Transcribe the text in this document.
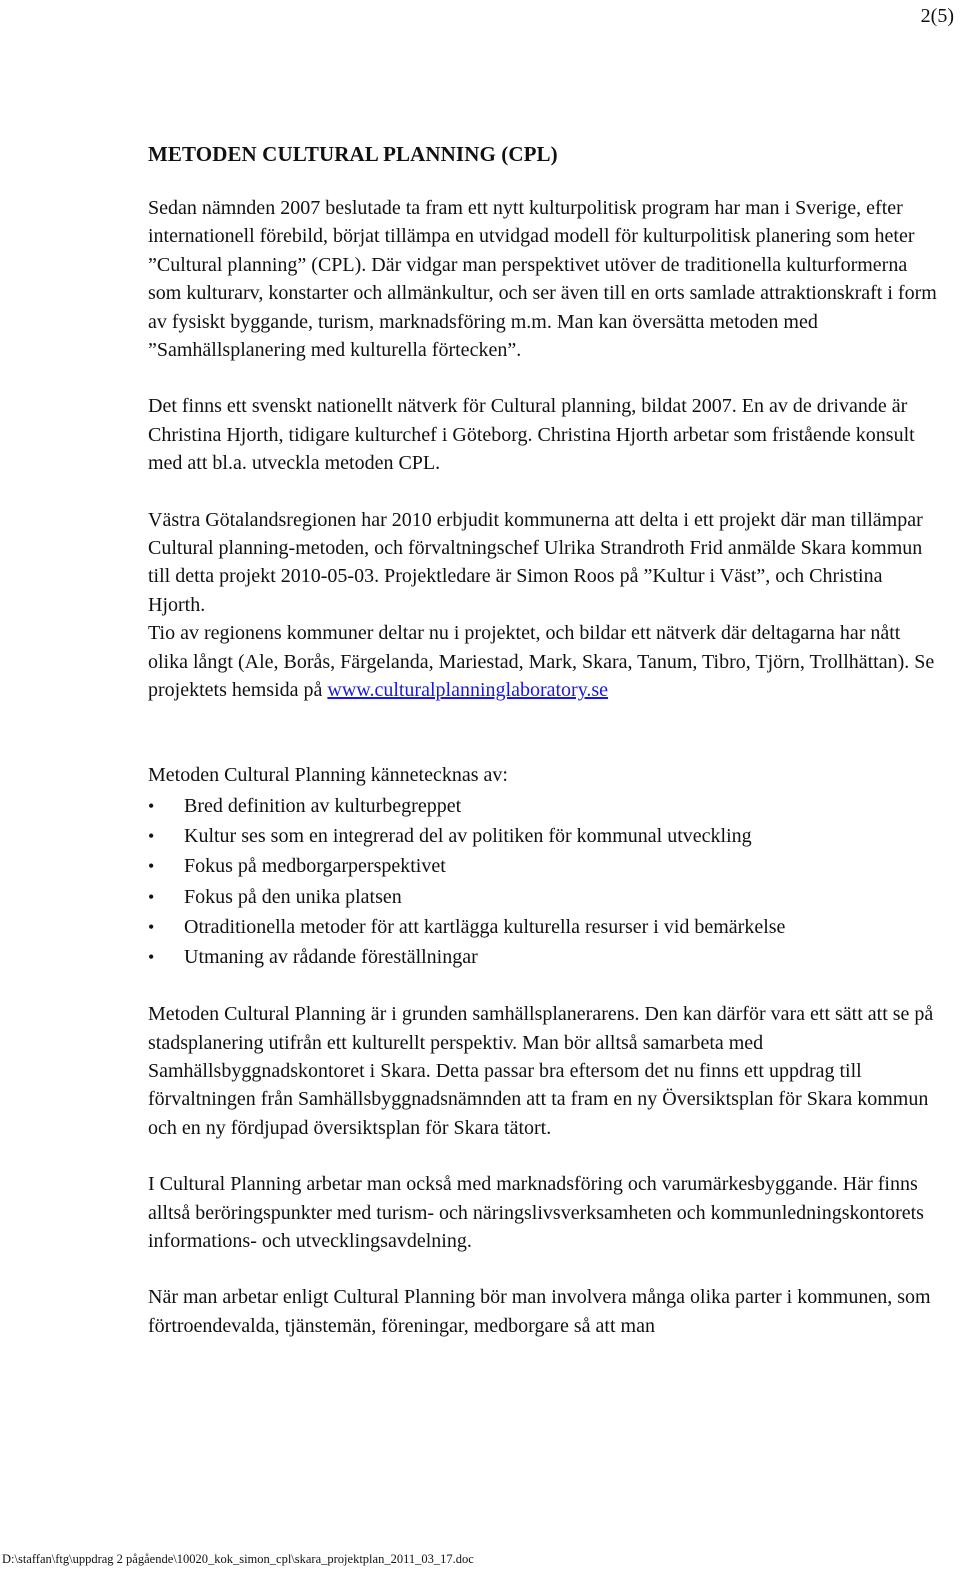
2(5)

METODEN CULTURAL PLANNING (CPL)

Sedan nämnden 2007 beslutade ta fram ett nytt kulturpolitisk program har man i Sverige, efter internationell förebild, börjat tillämpa en utvidgad modell för kulturpolitisk planering som heter ”Cultural planning” (CPL). Där vidgar man perspektivet utöver de traditionella kulturformerna som kulturarv, konstarter och allmänkultur, och ser även till en orts samlade attraktionskraft i form av fysiskt byggande, turism, marknadsföring m.m. Man kan översätta metoden med ”Samhällsplanering med kulturella förtecken”.

Det finns ett svenskt nationellt nätverk för Cultural planning, bildat 2007. En av de drivande är Christina Hjorth, tidigare kulturchef i Göteborg. Christina Hjorth arbetar som fristående konsult med att bl.a. utveckla metoden CPL.

Västra Götalandsregionen har 2010 erbjudit kommunerna att delta i ett projekt där man tillämpar Cultural planning-metoden, och förvaltningschef Ulrika Strandroth Frid anmälde Skara kommun till detta projekt 2010-05-03. Projektledare är Simon Roos på ”Kultur i Väst”, och Christina Hjorth.

Tio av regionens kommuner deltar nu i projektet, och bildar ett nätverk där deltagarna har nått olika långt (Ale, Borås, Färgelanda, Mariestad, Mark, Skara, Tanum, Tibro, Tjörn, Trollhättan). Se projektets hemsida på www.culturalplanninglaboratory.se

Metoden Cultural Planning kännetecknas av:

•	Bred definition av kulturbegreppet
•	Kultur ses som en integrerad del av politiken för kommunal utveckling
•	Fokus på medborgarperspektivet
•	Fokus på den unika platsen
•	Otraditionella metoder för att kartlägga kulturella resurser i vid bemärkelse
•	Utmaning av rådande föreställningar

Metoden Cultural Planning är i grunden samhällsplanerarens. Den kan därför vara ett sätt att se på stadsplanering utifrån ett kulturellt perspektiv. Man bör alltså samarbeta med Samhällsbyggnadskontoret i Skara. Detta passar bra eftersom det nu finns ett uppdrag till förvaltningen från Samhällsbyggnadsnämnden att ta fram en ny Översiktsplan för Skara kommun och en ny fördjupad översiktsplan för Skara tätort.

I Cultural Planning arbetar man också med marknadsföring och varumärkesbyggande. Här finns alltså beröringspunkter med turism- och näringslivsverksamheten och kommunledningskontorets informations- och utvecklingsavdelning.

När man arbetar enligt Cultural Planning bör man involvera många olika parter i kommunen, som förtroendevalda, tjänstemän, föreningar, medborgare så att man

D:\staffan\ftg\uppdrag 2 pågående\10020_kok_simon_cpl\skara_projektplan_2011_03_17.doc
